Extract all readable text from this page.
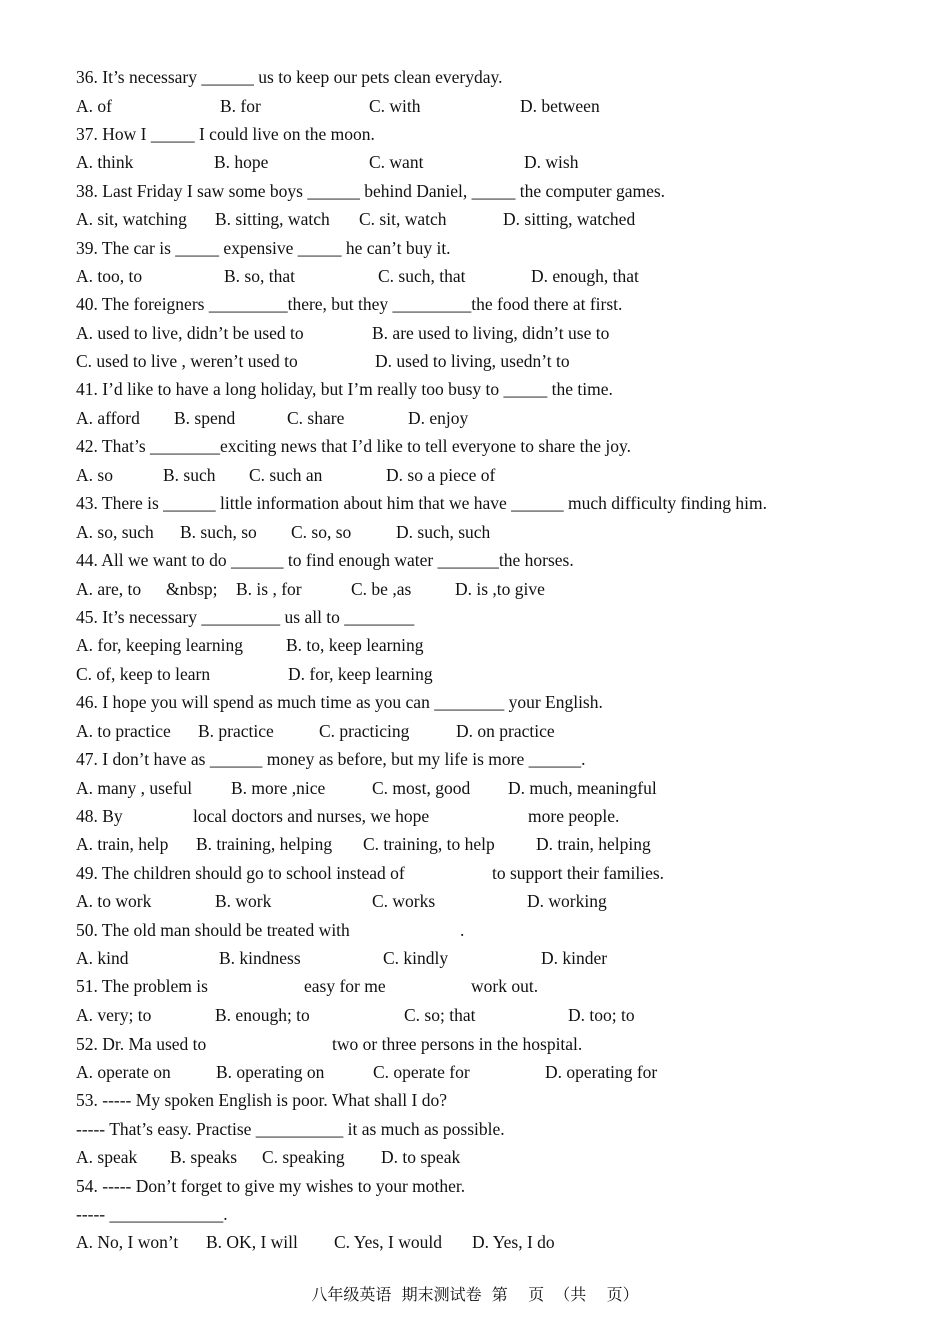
36. It’s necessary ______ us to keep our pets clean everyday.

A. of

	B. for

	C. with

	D. between

37. How I _____ I could live on the moon.

A. think

	B. hope

	C. want

	D. wish

38. Last Friday I saw some boys ______ behind Daniel, _____ the computer games.

A. sit, watching

B. sitting, watch

C. sit, watch

	D. sitting, watched

39. The car is _____ expensive _____ he can’t buy it.

A. too, to

	B. so, that

	C. such, that

	D. enough, that

40. The foreigners _________there, but they _________the food there at first.

A. used to live, didn’t be used to

	B. are used to living, didn’t use to

C. used to live , weren’t used to

	D. used to living, usedn’t to

41. I’d like to have a long holiday, but I’m really too busy to _____ the time.

A. afford

B. spend

	C. share

	D. enjoy

42. That’s ________exciting news that I’d like to tell everyone to share the joy.

A. so

	B. such

C. such an

	D. so a piece of

43. There is ______ little information about him that we have ______ much difficulty finding him.

A. so, such

B. such, so

C. so, so

	D. such, such

44. All we want to do ______ to find enough water _______the horses.

A. are, to

&nbsp;

B. is , for

	C. be ,as

D. is ,to give

45. It’s necessary _________ us all to ________

A. for, keeping learning

B. to, keep learning

C. of, keep to learn

	D. for, keep learning

46. I hope you will spend as much time as you can ________ your English.

A. to practice

B. practice

	C. practicing

	D. on practice

47. I don’t have as ______ money as before, but my life is more ______.

A. many , useful

B. more ,nice

	C. most, good

D. much, meaningful

48. By

	local doctors and nurses, we hope

	more people.

A. train, help

B. training, helping

C. training, to help

D. train, helping

49. The children should go to school instead of

	to support their families.

A. to work

	B. work

	C. works

	D. working

50. The old man should be treated with

	.

A. kind

	B. kindness

	C. kindly

	D. kinder

51. The problem is

	easy for me

	work out.

A. very; to

	B. enough; to

	C. so; that

	D. too; to

52. Dr. Ma used to

	two or three persons in the hospital.

A. operate on

	B. operating on

	C. operate for

	D. operating for

53. ----- My spoken English is poor. What shall I do?
----- That’s easy. Practise __________ it as much as possible.

A. speak

B. speaks

C. speaking

D. to speak

54. ----- Don’t forget to give my wishes to your mother.
----- _____________.

A. No, I won’t

B. OK, I will

C. Yes, I would

D. Yes, I do

八年级英语  期末测试卷  第    页  （共    页）
